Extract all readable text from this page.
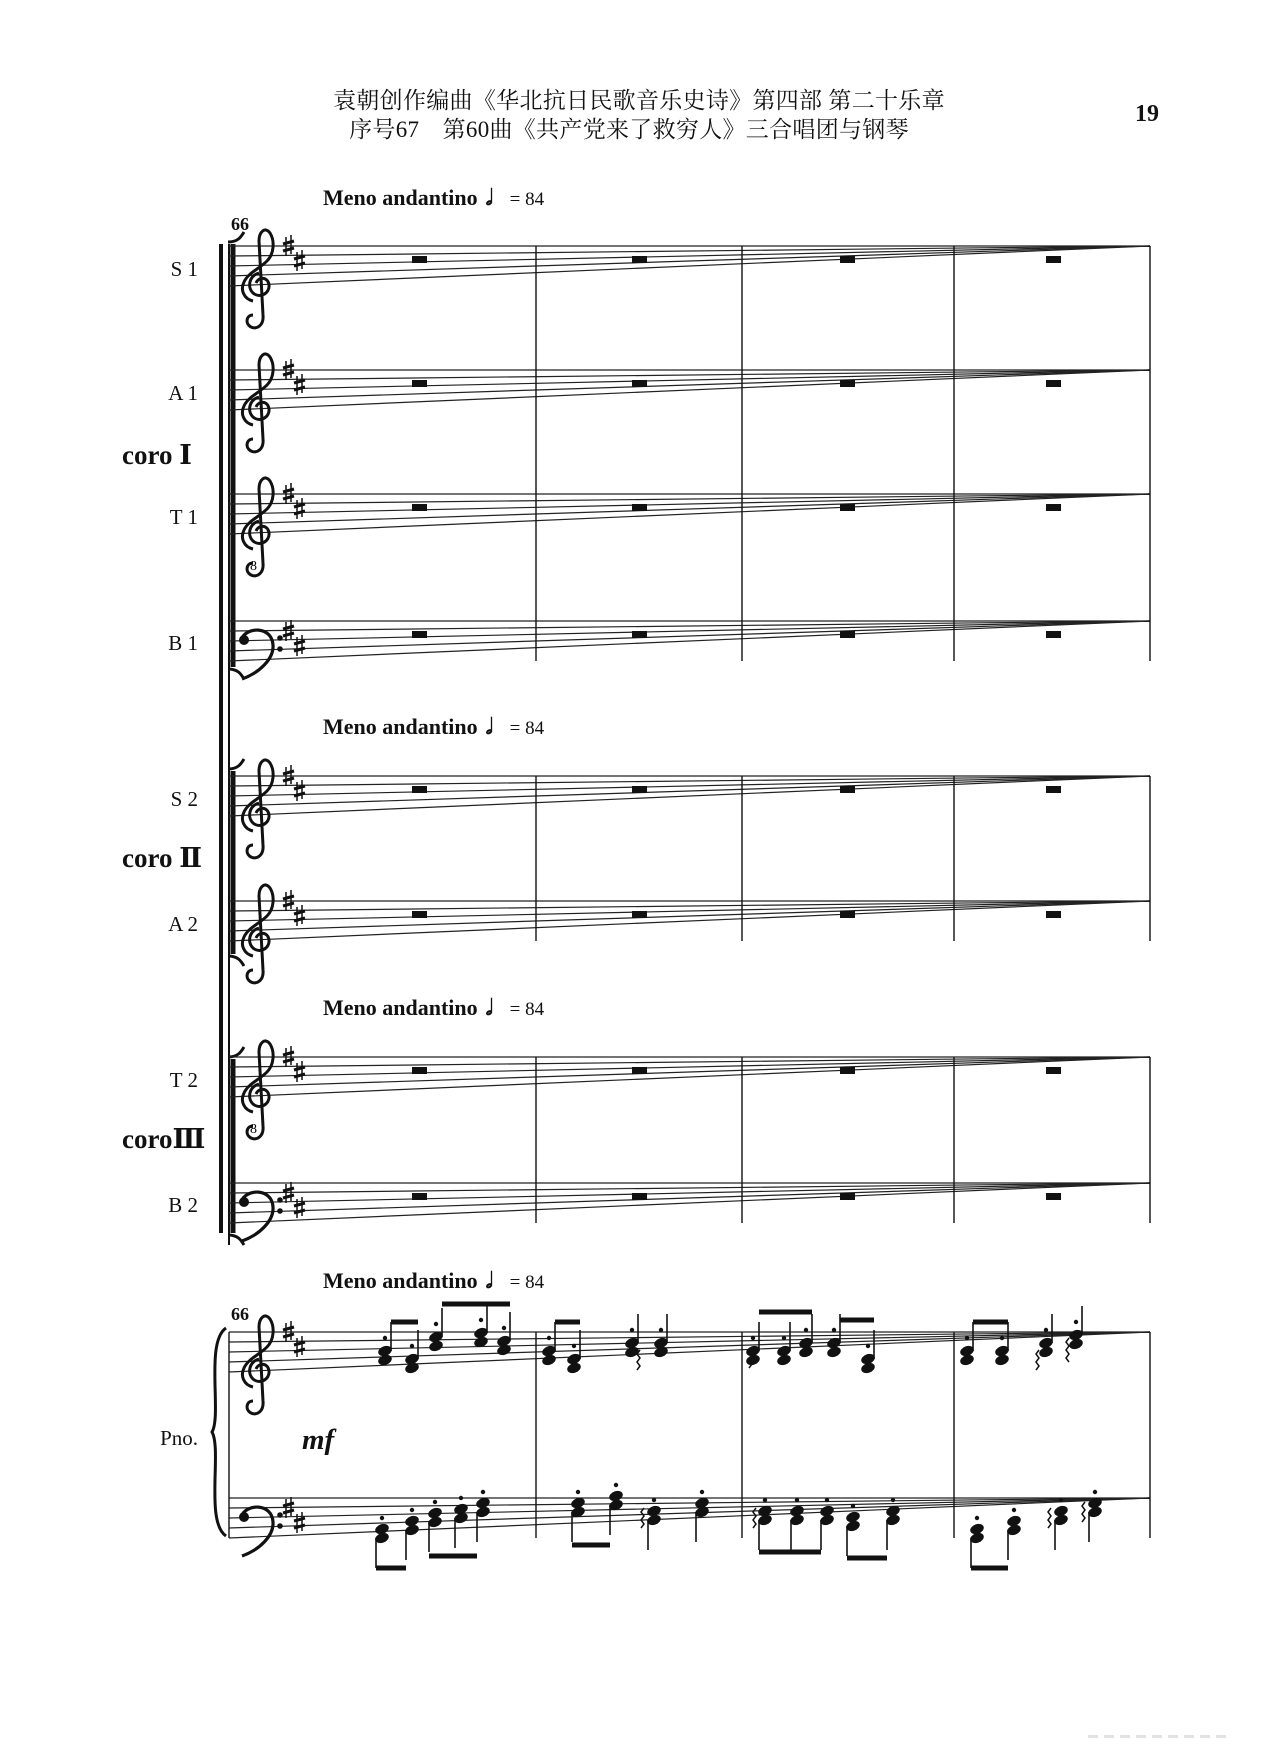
袁朝创作编曲《华北抗日民歌音乐史诗》第四部 第二十乐章
序号67　第60曲《共产党来了救穷人》三合唱团与钢琴
19
8
8
Meno andantino 𝅗𝅥 = 84
Meno andantino 𝅗𝅥 = 84
Meno andantino 𝅗𝅥 = 84
Meno andantino 𝅗𝅥 = 84
66
66
S 1
A 1
T 1
B 1
S 2
A 2
T 2
B 2
Pno.
coro Ⅰ
coro Ⅱ
coroⅢ
mf
